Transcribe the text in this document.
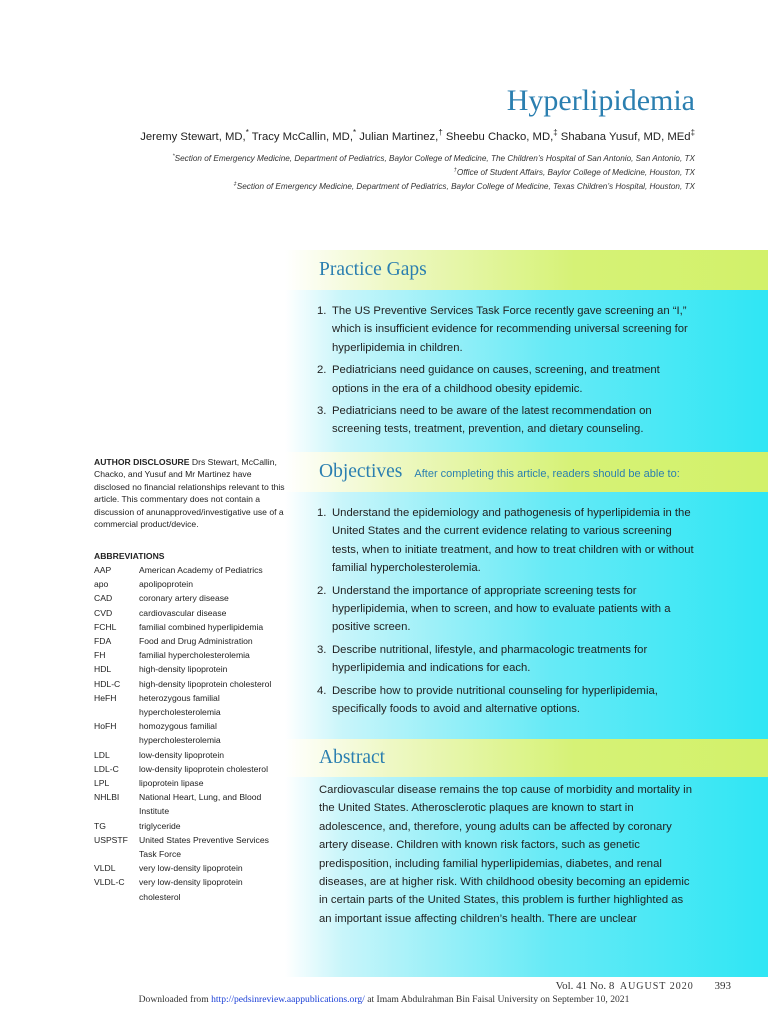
Hyperlipidemia
Jeremy Stewart, MD,* Tracy McCallin, MD,* Julian Martinez,† Sheebu Chacko, MD,‡ Shabana Yusuf, MD, MEd‡
*Section of Emergency Medicine, Department of Pediatrics, Baylor College of Medicine, The Children’s Hospital of San Antonio, San Antonio, TX
†Office of Student Affairs, Baylor College of Medicine, Houston, TX
‡Section of Emergency Medicine, Department of Pediatrics, Baylor College of Medicine, Texas Children’s Hospital, Houston, TX
Practice Gaps
1. The US Preventive Services Task Force recently gave screening an “I,” which is insufficient evidence for recommending universal screening for hyperlipidemia in children.
2. Pediatricians need guidance on causes, screening, and treatment options in the era of a childhood obesity epidemic.
3. Pediatricians need to be aware of the latest recommendation on screening tests, treatment, prevention, and dietary counseling.
AUTHOR DISCLOSURE Drs Stewart, McCallin, Chacko, and Yusuf and Mr Martinez have disclosed no financial relationships relevant to this article. This commentary does not contain a discussion of anunapproved/investigative use of a commercial product/device.
ABBREVIATIONS
AAP	American Academy of Pediatrics
apo	apolipoprotein
CAD	coronary artery disease
CVD	cardiovascular disease
FCHL	familial combined hyperlipidemia
FDA	Food and Drug Administration
FH	familial hypercholesterolemia
HDL	high-density lipoprotein
HDL-C	high-density lipoprotein cholesterol
HeFH	heterozygous familial hypercholesterolemia
HoFH	homozygous familial hypercholesterolemia
LDL	low-density lipoprotein
LDL-C	low-density lipoprotein cholesterol
LPL	lipoprotein lipase
NHLBI	National Heart, Lung, and Blood Institute
TG	triglyceride
USPSTF	United States Preventive Services Task Force
VLDL	very low-density lipoprotein
VLDL-C	very low-density lipoprotein cholesterol
Objectives After completing this article, readers should be able to:
1. Understand the epidemiology and pathogenesis of hyperlipidemia in the United States and the current evidence relating to various screening tests, when to initiate treatment, and how to treat children with or without familial hypercholesterolemia.
2. Understand the importance of appropriate screening tests for hyperlipidemia, when to screen, and how to evaluate patients with a positive screen.
3. Describe nutritional, lifestyle, and pharmacologic treatments for hyperlipidemia and indications for each.
4. Describe how to provide nutritional counseling for hyperlipidemia, specifically foods to avoid and alternative options.
Abstract

Cardiovascular disease remains the top cause of morbidity and mortality in the United States. Atherosclerotic plaques are known to start in adolescence, and, therefore, young adults can be affected by coronary artery disease. Children with known risk factors, such as genetic predisposition, including familial hyperlipidemias, diabetes, and renal diseases, are at higher risk. With childhood obesity becoming an epidemic in certain parts of the United States, this problem is further highlighted as an important issue affecting children’s health. There are unclear

Vol. 41 No. 8 AUGUST 2020 393
Downloaded from http://pedsinreview.aappublications.org/ at Imam Abdulrahman Bin Faisal University on September 10, 2021
